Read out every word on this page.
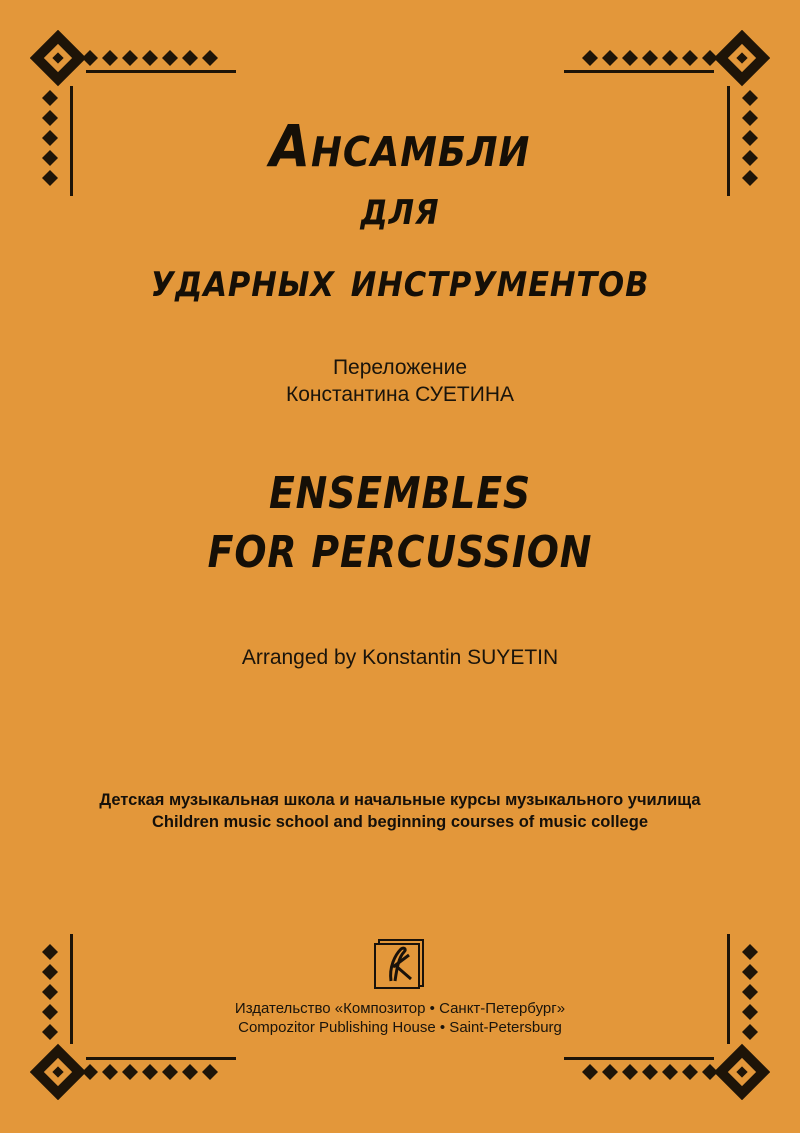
Ансамбли
для
ударных инструментов
Переложение
Константина СУЕТИНА
ENSEMBLES
FOR PERCUSSION
Arranged by Konstantin SUYETIN
Детская музыкальная школа и начальные курсы музыкального училища
Children music school and beginning courses of music college
Издательство «Композитор • Санкт-Петербург»
Compozitor Publishing House • Saint-Petersburg
